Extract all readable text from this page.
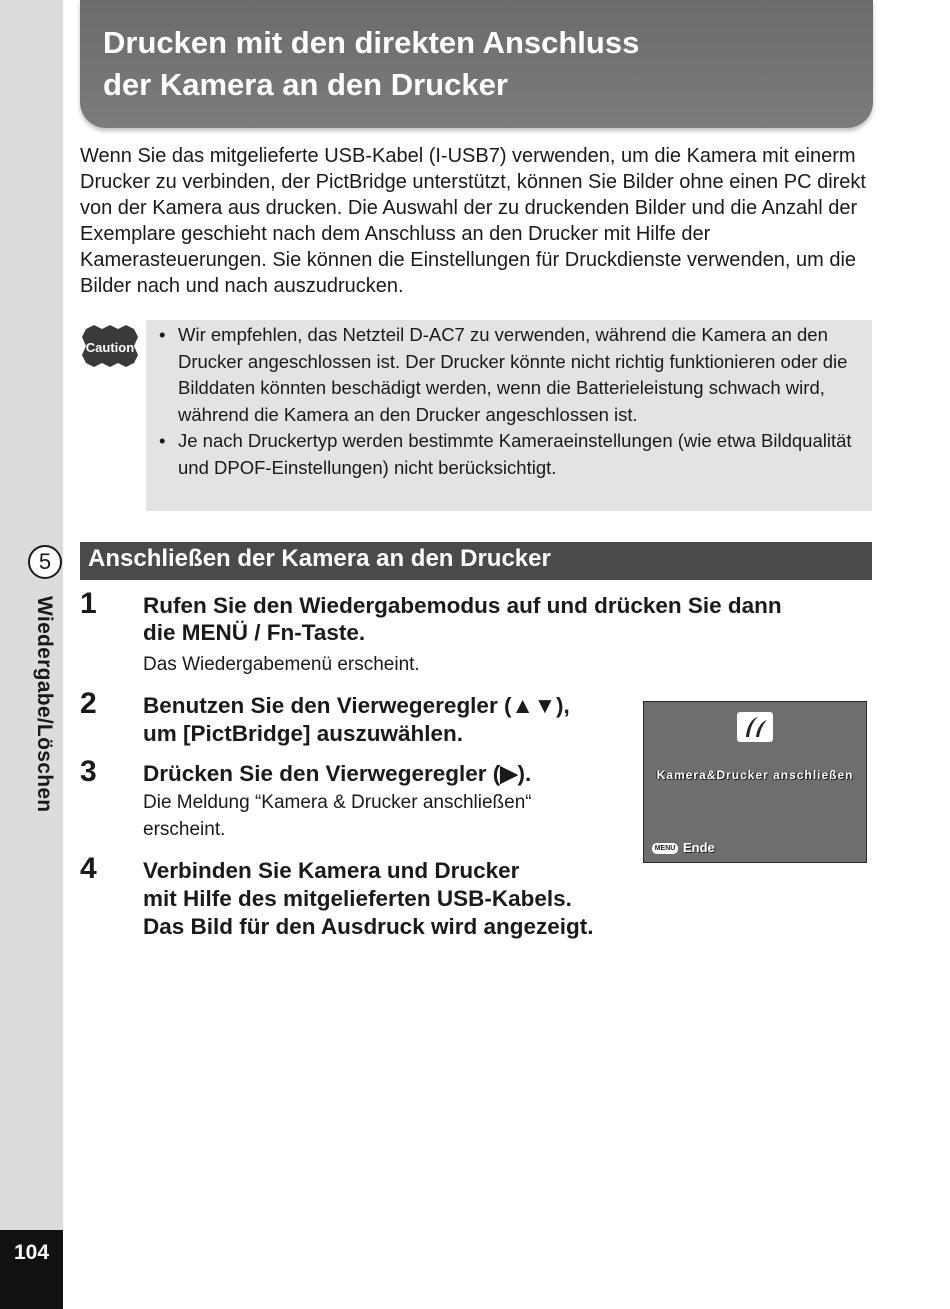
5
Wiedergabe/Löschen
104
Drucken mit den direkten Anschluss
der Kamera an den Drucker

Wenn Sie das mitgelieferte USB-Kabel (I-USB7) verwenden, um die Kamera mit einerm Drucker zu verbinden, der PictBridge unterstützt, können Sie Bilder ohne einen PC direkt von der Kamera aus drucken. Die Auswahl der zu druckenden Bilder und die Anzahl der Exemplare geschieht nach dem Anschluss an den Drucker mit Hilfe der Kamerasteuerungen. Sie können die Einstellungen für Druckdienste verwenden, um die Bilder nach und nach auszudrucken.

Caution
• Wir empfehlen, das Netzteil D-AC7 zu verwenden, während die Kamera an den Drucker angeschlossen ist. Der Drucker könnte nicht richtig funktionieren oder die Bilddaten könnten beschädigt werden, wenn die Batterieleistung schwach wird, während die Kamera an den Drucker angeschlossen ist.
• Je nach Druckertyp werden bestimmte Kameraeinstellungen (wie etwa Bildqualität und DPOF-Einstellungen) nicht berücksichtigt.
Anschließen der Kamera an den Drucker
1 Rufen Sie den Wiedergabemodus auf und drücken Sie dann
die MENÜ / Fn-Taste.
Das Wiedergabemenü erscheint.
2 Benutzen Sie den Vierwegeregler (▲▼),
um [PictBridge] auszuwählen.
3 Drücken Sie den Vierwegeregler (▶).
Die Meldung “Kamera & Drucker anschließen“
erscheint.
4 Verbinden Sie Kamera und Drucker
mit Hilfe des mitgelieferten USB-Kabels.
Das Bild für den Ausdruck wird angezeigt.
Kamera&Drucker anschließen
MENU Ende
